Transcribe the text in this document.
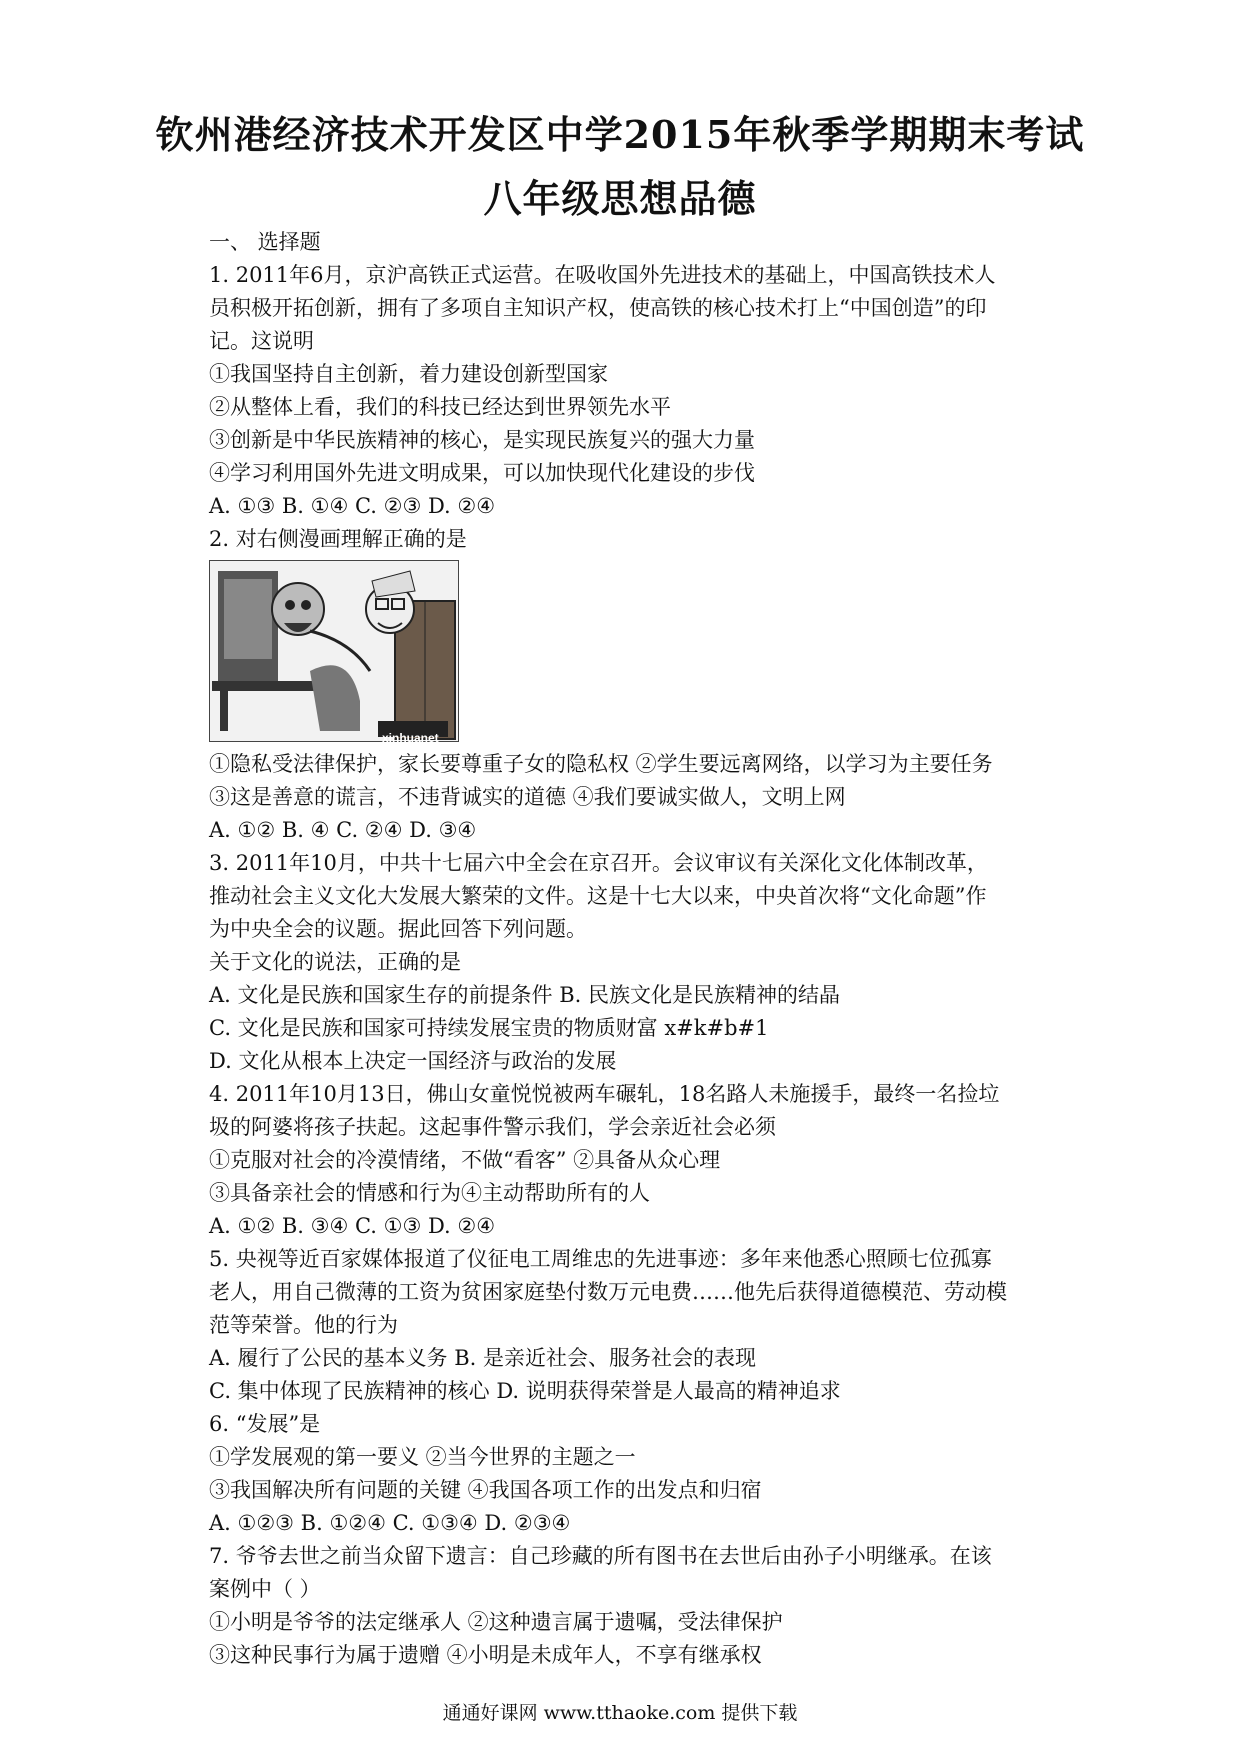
钦州港经济技术开发区中学2015年秋季学期期末考试
八年级思想品德
一、 选择题
1. 2011年6月，京沪高铁正式运营。在吸收国外先进技术的基础上，中国高铁技术人
员积极开拓创新，拥有了多项自主知识产权，使高铁的核心技术打上“中国创造”的印
记。这说明
①我国坚持自主创新，着力建设创新型国家
②从整体上看，我们的科技已经达到世界领先水平
③创新是中华民族精神的核心，是实现民族复兴的强大力量
④学习利用国外先进文明成果，可以加快现代化建设的步伐
A. ①③ B. ①④ C. ②③ D. ②④
2. 对右侧漫画理解正确的是
xinhuanet
①隐私受法律保护，家长要尊重子女的隐私权 ②学生要远离网络，以学习为主要任务
③这是善意的谎言，不违背诚实的道德 ④我们要诚实做人，文明上网
A. ①② B. ④ C. ②④ D. ③④
3. 2011年10月，中共十七届六中全会在京召开。会议审议有关深化文化体制改革，
推动社会主义文化大发展大繁荣的文件。这是十七大以来，中央首次将“文化命题”作
为中央全会的议题。据此回答下列问题。
关于文化的说法，正确的是
A. 文化是民族和国家生存的前提条件 B. 民族文化是民族精神的结晶
C. 文化是民族和国家可持续发展宝贵的物质财富 x#k#b#1
D. 文化从根本上决定一国经济与政治的发展
4. 2011年10月13日，佛山女童悦悦被两车碾轧，18名路人未施援手，最终一名捡垃
圾的阿婆将孩子扶起。这起事件警示我们，学会亲近社会必须
①克服对社会的冷漠情绪，不做“看客” ②具备从众心理
③具备亲社会的情感和行为④主动帮助所有的人
A. ①② B. ③④ C. ①③ D. ②④
5. 央视等近百家媒体报道了仪征电工周维忠的先进事迹：多年来他悉心照顾七位孤寡
老人，用自己微薄的工资为贫困家庭垫付数万元电费……他先后获得道德模范、劳动模
范等荣誉。他的行为
A. 履行了公民的基本义务 B. 是亲近社会、服务社会的表现
C. 集中体现了民族精神的核心 D. 说明获得荣誉是人最高的精神追求
6. “发展”是
①学发展观的第一要义 ②当今世界的主题之一
③我国解决所有问题的关键 ④我国各项工作的出发点和归宿
A. ①②③ B. ①②④ C. ①③④ D. ②③④
7. 爷爷去世之前当众留下遗言：自己珍藏的所有图书在去世后由孙子小明继承。在该
案例中（ ）
①小明是爷爷的法定继承人 ②这种遗言属于遗嘱，受法律保护
③这种民事行为属于遗赠 ④小明是未成年人，不享有继承权
通通好课网 www.tthaoke.com 提供下载
